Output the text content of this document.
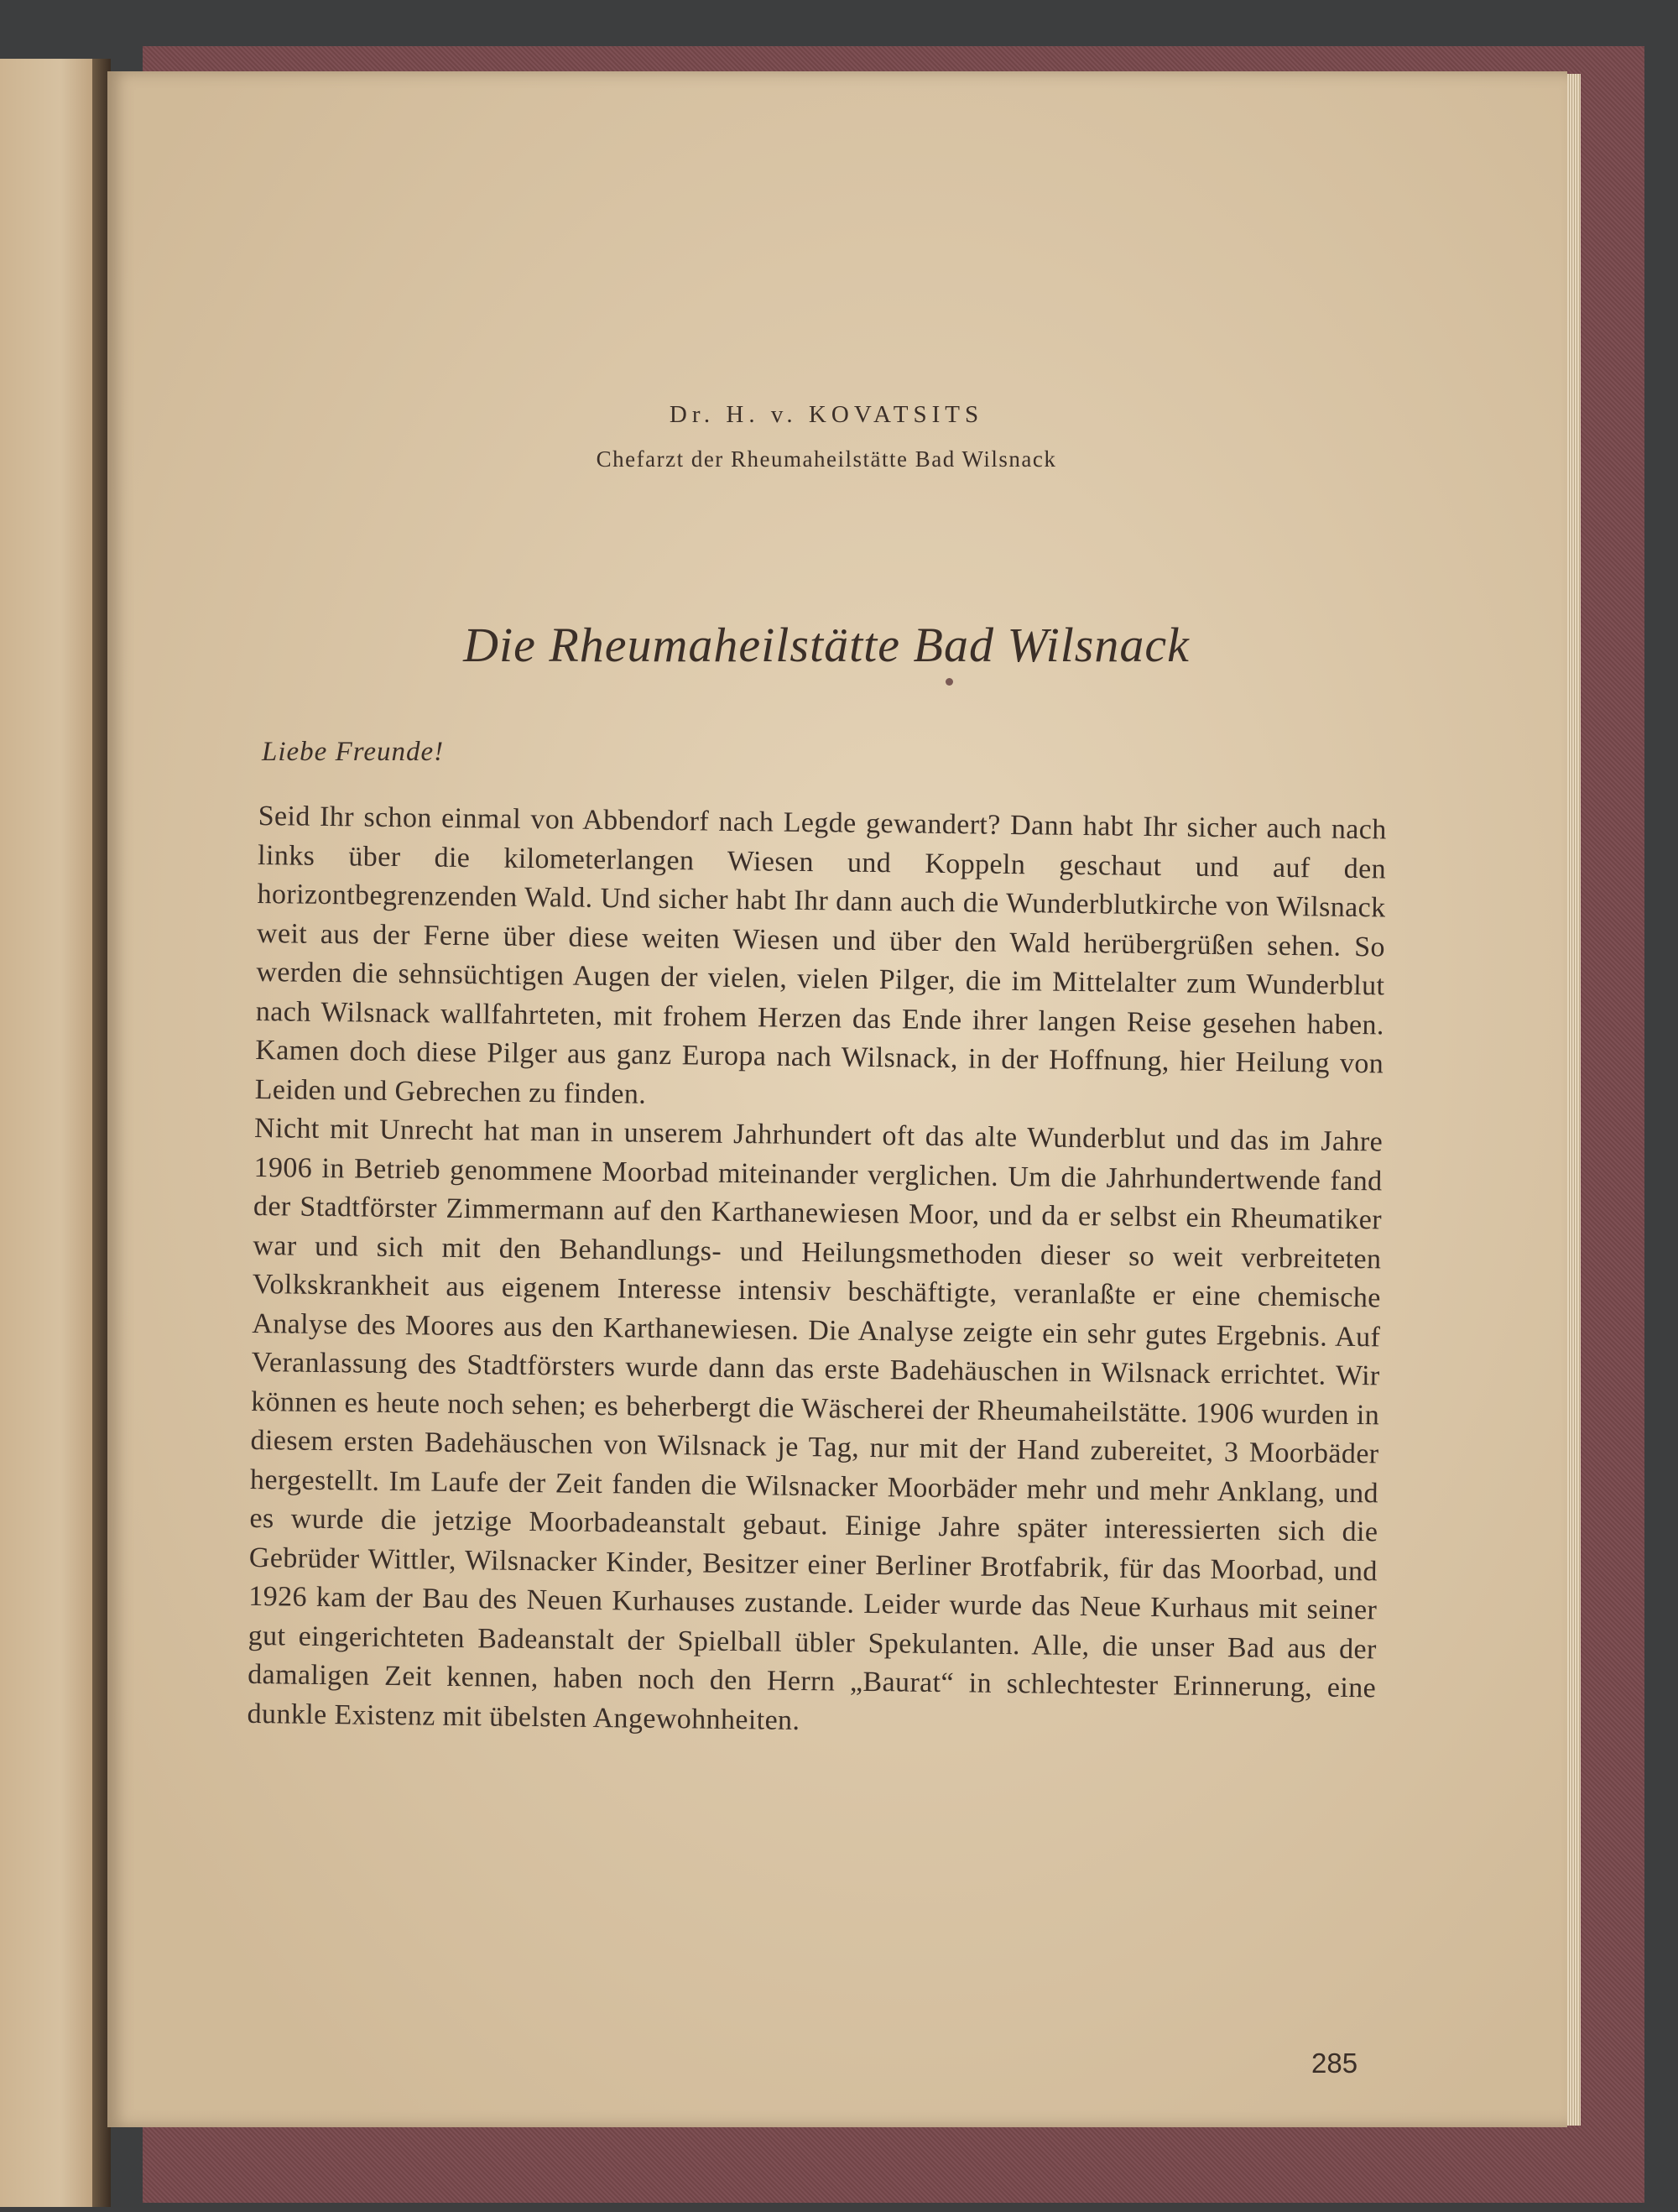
Dr. H. v. KOVATSITS
Chefarzt der Rheumaheilstätte Bad Wilsnack
Die Rheumaheilstätte Bad Wilsnack
Liebe Freunde!

Seid Ihr schon einmal von Abbendorf nach Legde gewandert? Dann habt Ihr sicher auch nach links über die kilometerlangen Wiesen und Koppeln geschaut und auf den horizontbegrenzenden Wald. Und sicher habt Ihr dann auch die Wunderblutkirche von Wilsnack weit aus der Ferne über diese weiten Wiesen und über den Wald herübergrüßen sehen. So werden die sehnsüchtigen Augen der vielen, vielen Pilger, die im Mittelalter zum Wunderblut nach Wilsnack wallfahrteten, mit frohem Herzen das Ende ihrer langen Reise gesehen haben. Kamen doch diese Pilger aus ganz Europa nach Wilsnack, in der Hoffnung, hier Heilung von Leiden und Gebrechen zu finden.

Nicht mit Unrecht hat man in unserem Jahrhundert oft das alte Wunderblut und das im Jahre 1906 in Betrieb genommene Moorbad miteinander verglichen. Um die Jahrhundertwende fand der Stadtförster Zimmermann auf den Karthanewiesen Moor, und da er selbst ein Rheumatiker war und sich mit den Behandlungs- und Heilungsmethoden dieser so weit verbreiteten Volkskrankheit aus eigenem Interesse intensiv beschäftigte, veranlaßte er eine chemische Analyse des Moores aus den Karthanewiesen. Die Analyse zeigte ein sehr gutes Ergebnis. Auf Veranlassung des Stadtförsters wurde dann das erste Badehäuschen in Wilsnack errichtet. Wir können es heute noch sehen; es beherbergt die Wäscherei der Rheumaheilstätte. 1906 wurden in diesem ersten Badehäuschen von Wilsnack je Tag, nur mit der Hand zubereitet, 3 Moorbäder hergestellt. Im Laufe der Zeit fanden die Wilsnacker Moorbäder mehr und mehr Anklang, und es wurde die jetzige Moorbadeanstalt gebaut. Einige Jahre später interessierten sich die Gebrüder Wittler, Wilsnacker Kinder, Besitzer einer Berliner Brotfabrik, für das Moorbad, und 1926 kam der Bau des Neuen Kurhauses zustande. Leider wurde das Neue Kurhaus mit seiner gut eingerichteten Badeanstalt der Spielball übler Spekulanten. Alle, die unser Bad aus der damaligen Zeit kennen, haben noch den Herrn „Baurat“ in schlechtester Erinnerung, eine dunkle Existenz mit übelsten Angewohnheiten.

285
